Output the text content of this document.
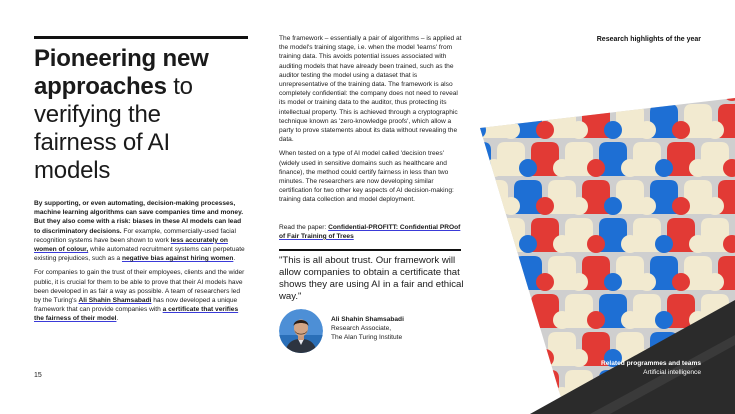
Pioneering new approaches to verifying the fairness of AI models

By supporting, or even automating, decision-making processes, machine learning algorithms can save companies time and money. But they also come with a risk: biases in these AI models can lead to discriminatory decisions. For example, commercially-used facial recognition systems have been shown to work less accurately on women of colour, while automated recruitment systems can perpetuate existing prejudices, such as a negative bias against hiring women.

For companies to gain the trust of their employees, clients and the wider public, it is crucial for them to be able to prove that their AI models have been developed in as fair a way as possible. A team of researchers led by the Turing's Ali Shahin Shamsabadi has now developed a unique framework that can provide companies with a certificate that verifies the fairness of their model.

15

The framework – essentially a pair of algorithms – is applied at the model's training stage, i.e. when the model 'learns' from training data. This avoids potential issues associated with auditing models that have already been trained, such as the auditor testing the model using a dataset that is unrepresentative of the training data. The framework is also completely confidential: the company does not need to reveal its model or training data to the auditor, thus protecting its intellectual property. This is achieved through a cryptographic technique known as 'zero-knowledge proofs', which allow a party to prove statements about its data without revealing the data.

When tested on a type of AI model called 'decision trees' (widely used in sensitive domains such as healthcare and finance), the method could certify fairness in less than two minutes. The researchers are now developing similar certification for two other key aspects of AI decision-making: training data collection and model deployment.

Read the paper: Confidential-PROFITT: Confidential PROof of Fair Training of Trees

"This is all about trust. Our framework will allow companies to obtain a certificate that shows they are using AI in a fair and ethical way."

Ali Shahin Shamsabadi
Research Associate,
The Alan Turing Institute
Research highlights of the year
Related programmes and teams
Artificial intelligence
